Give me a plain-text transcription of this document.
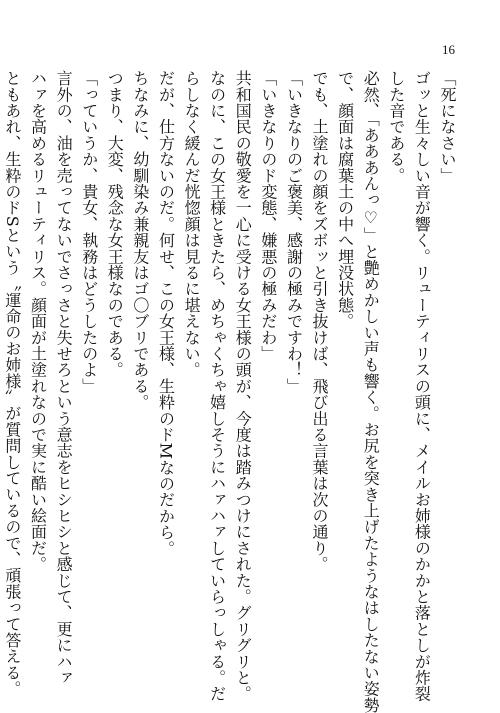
16
「死になさい」
ゴッと生々しい音が響く。リューティリスの頭に、メイルお姉様のかかと落としが炸裂
した音である。
必然、「あああんっ♡」と艶めかしい声も響く。お尻を突き上げたようなはしたない姿勢
で、顔面は腐葉土の中へ埋没状態。
でも、土塗れの顔をズボッと引き抜けば、飛び出る言葉は次の通り。
「いきなりのご褒美、感謝の極みですわ！」
「いきなりのド変態、嫌悪の極みだわ」
共和国民の敬愛を一心に受ける女王様の頭が、今度は踏みつけにされた。グリグリと。
なのに、この女王様ときたら、めちゃくちゃ嬉しそうにハァハァしていらっしゃる。だ
らしなく緩んだ恍惚顔は見るに堪えない。
だが、仕方ないのだ。何せ、この女王様、生粋のドMなのだから。
ちなみに、幼馴染み兼親友はゴ〇ブリである。
つまり、大変、残念な女王様なのである。
「っていうか、貴女、執務はどうしたのよ」
言外の、油を売ってないでさっさと失せろという意志をヒシヒシと感じて、更にハァ
ハァを高めるリューティリス。顔面が土塗れなので実に酷い絵面だ。
ともあれ、生粋のドSという〝運命のお姉様〟が質問しているので、頑張って答える。
